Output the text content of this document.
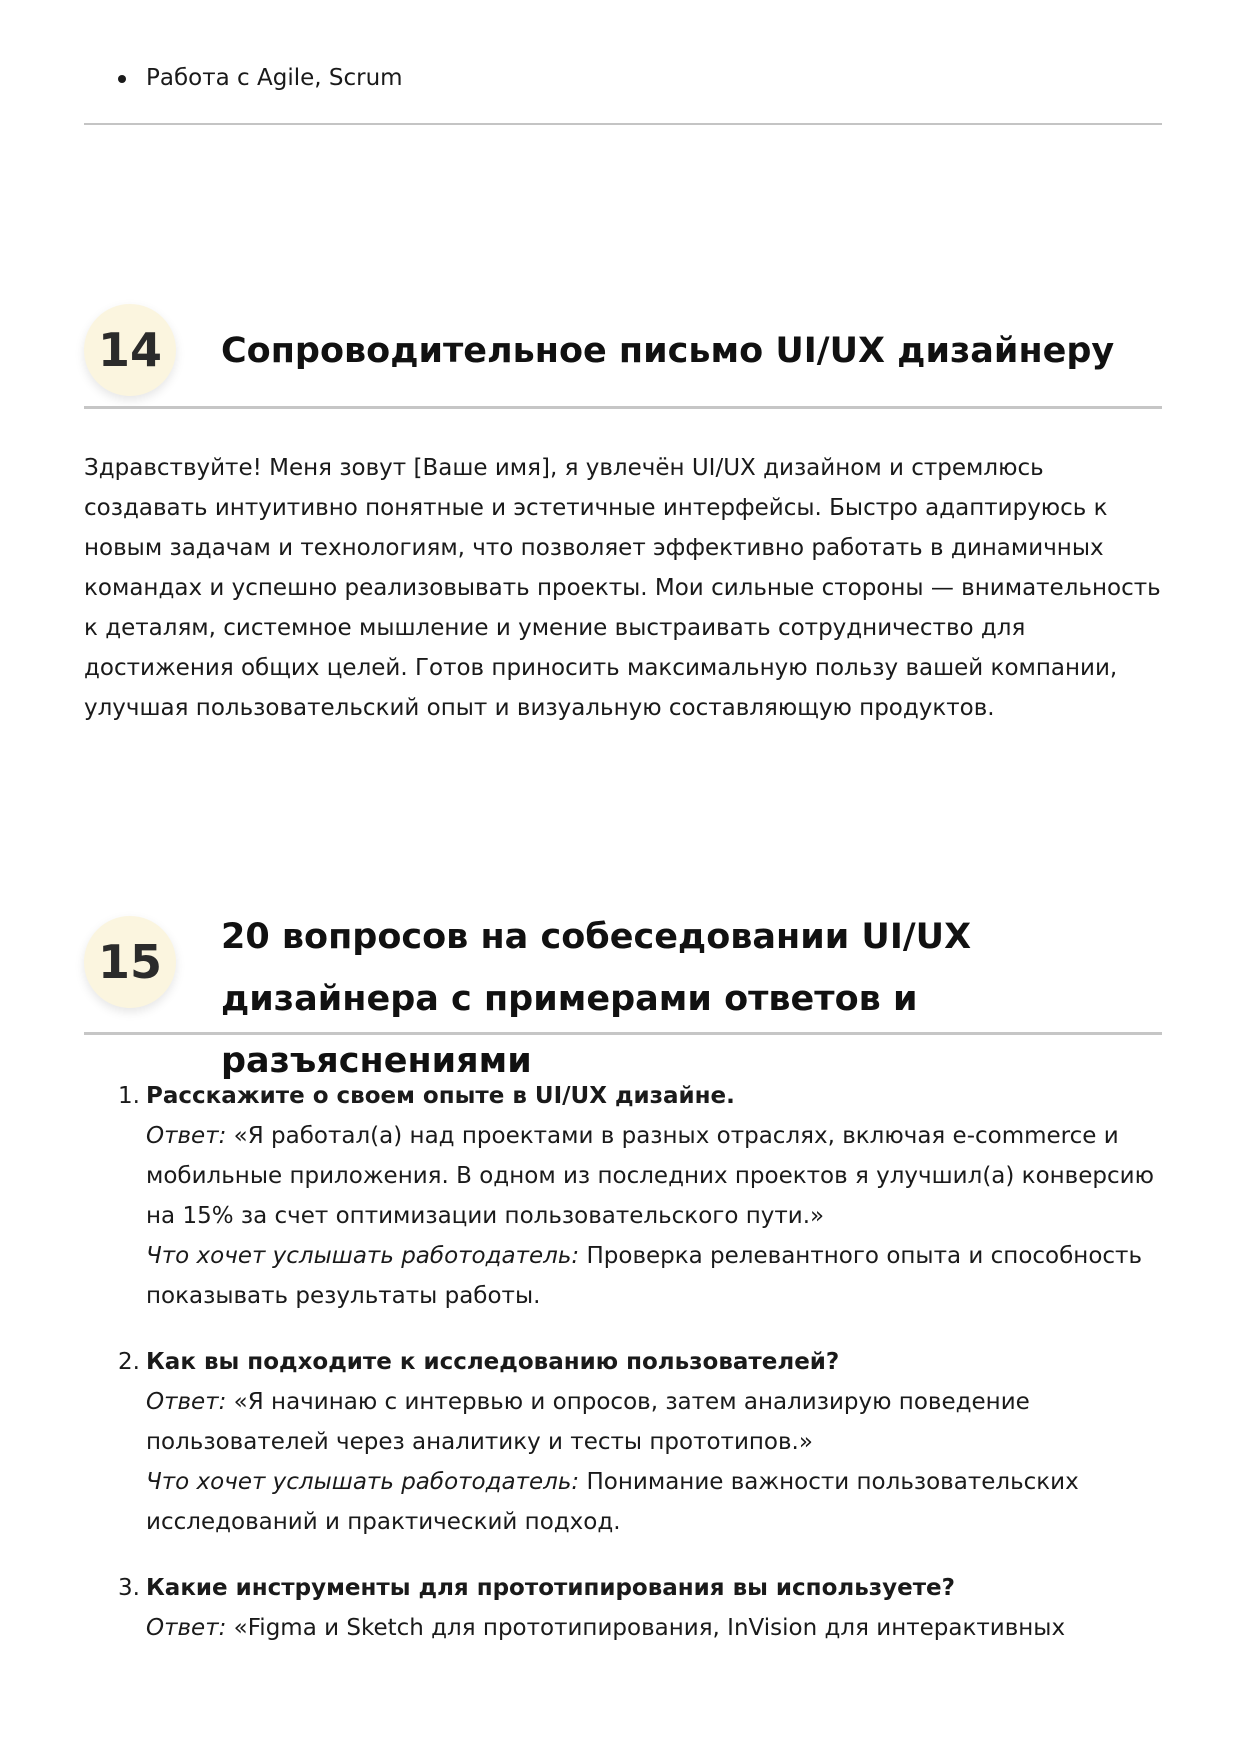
Работа с Agile, Scrum
14	Сопроводительное письмо UI/UX дизайнеру

Здравствуйте! Меня зовут [Ваше имя], я увлечён UI/UX дизайном и стремлюсь создавать интуитивно понятные и эстетичные интерфейсы. Быстро адаптируюсь к новым задачам и технологиям, что позволяет эффективно работать в динамичных командах и успешно реализовывать проекты. Мои сильные стороны — внимательность к деталям, системное мышление и умение выстраивать сотрудничество для достижения общих целей. Готов приносить максимальную пользу вашей компании, улучшая пользовательский опыт и визуальную составляющую продуктов.

15	20 вопросов на собеседовании UI/UX дизайнера с примерами ответов и разъяснениями
1. Расскажите о своем опыте в UI/UX дизайне.
Ответ: «Я работал(а) над проектами в разных отраслях, включая e-commerce и мобильные приложения. В одном из последних проектов я улучшил(а) конверсию на 15% за счет оптимизации пользовательского пути.»
Что хочет услышать работодатель: Проверка релевантного опыта и способность показывать результаты работы.
2. Как вы подходите к исследованию пользователей?
Ответ: «Я начинаю с интервью и опросов, затем анализирую поведение пользователей через аналитику и тесты прототипов.»
Что хочет услышать работодатель: Понимание важности пользовательских исследований и практический подход.
3. Какие инструменты для прототипирования вы используете?
Ответ: «Figma и Sketch для прототипирования, InVision для интерактивных
